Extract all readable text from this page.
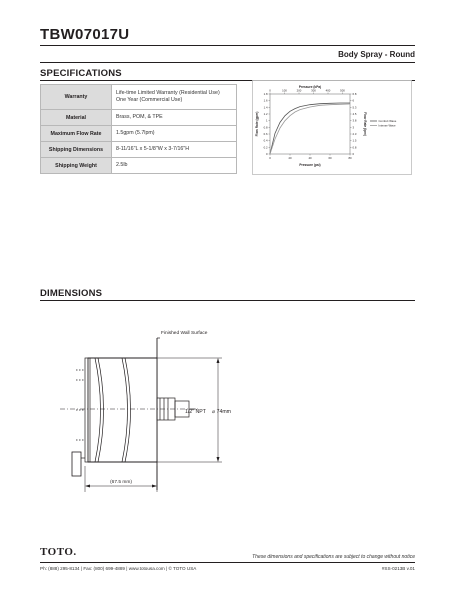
TBW07017U
Body Spray - Round
SPECIFICATIONS
Warranty	Life-time Limited Warranty (Residential Use)
One Year (Commercial Use)

Material	Brass, POM, & TPE
Maximum Flow Rate	1.5gpm (5.7lpm)
Shipping Dimensions	8-11/16"L x 5-1/8"W x 3-7/16"H
Shipping Weight	2.5lb
0	20	40	60	80
0	100	200	300	400	500
0
0.2
0.4
0.6
0.8
1
1.2
1.4
1.6
1.8
0
0.8
1.5
2.3
3
3.8
4.5
5.3
6
6.8
Comfort Wave
Intense Wave
Pressure (kPa)
Pressure (psi)
Flow Rate (gpm)	Flow Rate (lpm)
DIMENSIONS
Finished Wall Surface
1/2" NPT ⌀ 74mm
(67.5 mm)
TOTO.	These dimensions and specifications are subject to change without notice
Ph: (888) 295-8134 | Fax: (800) 699-4889 | www.totousa.com | © TOTO USA	#SS-0213B v.01
